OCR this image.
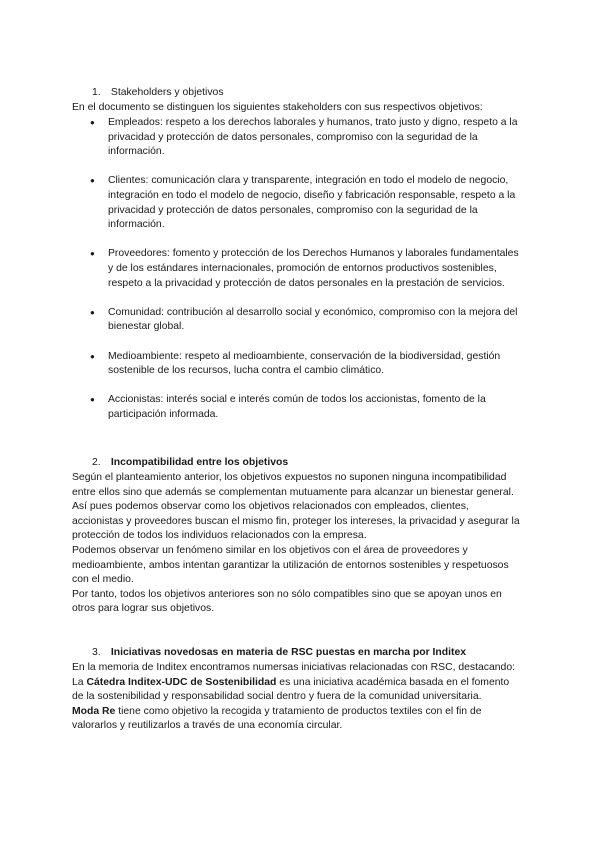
1. Stakeholders y objetivos

En el documento se distinguen los siguientes stakeholders con sus respectivos objetivos:

● Empleados: respeto a los derechos laborales y humanos, trato justo y digno, respeto a la privacidad y protección de datos personales, compromiso con la seguridad de la información.
● Clientes: comunicación clara y transparente, integración en todo el modelo de negocio, integración en todo el modelo de negocio, diseño y fabricación responsable, respeto a la privacidad y protección de datos personales, compromiso con la seguridad de la información.
● Proveedores: fomento y protección de los Derechos Humanos y laborales fundamentales y de los estándares internacionales, promoción de entornos productivos sostenibles, respeto a la privacidad y protección de datos personales en la prestación de servicios.
● Comunidad: contribución al desarrollo social y económico, compromiso con la mejora del bienestar global.
● Medioambiente: respeto al medioambiente, conservación de la biodiversidad, gestión sostenible de los recursos, lucha contra el cambio climático.
● Accionistas: interés social e interés común de todos los accionistas, fomento de la participación informada.
2. Incompatibilidad entre los objetivos

Según el planteamiento anterior, los objetivos expuestos no suponen ninguna incompatibilidad entre ellos sino que además se complementan mutuamente para alcanzar un bienestar general.

Así pues podemos observar como los objetivos relacionados con empleados, clientes, accionistas y proveedores buscan el mismo fin, proteger los intereses, la privacidad y asegurar la protección de todos los individuos relacionados con la empresa.

Podemos observar un fenómeno similar en los objetivos con el área de proveedores y medioambiente, ambos intentan garantizar la utilización de entornos sostenibles y respetuosos con el medio.

Por tanto, todos los objetivos anteriores son no sólo compatibles sino que se apoyan unos en otros para lograr sus objetivos.

3. Iniciativas novedosas en materia de RSC puestas en marcha por Inditex

En la memoria de Inditex encontramos numersas iniciativas relacionadas con RSC, destacando:

La Cátedra Inditex-UDC de Sostenibilidad es una iniciativa académica basada en el fomento de la sostenibilidad y responsabilidad social dentro y fuera de la comunidad universitaria.

Moda Re tiene como objetivo la recogida y tratamiento de productos textiles con el fin de valorarlos y reutilizarlos a través de una economía circular.
